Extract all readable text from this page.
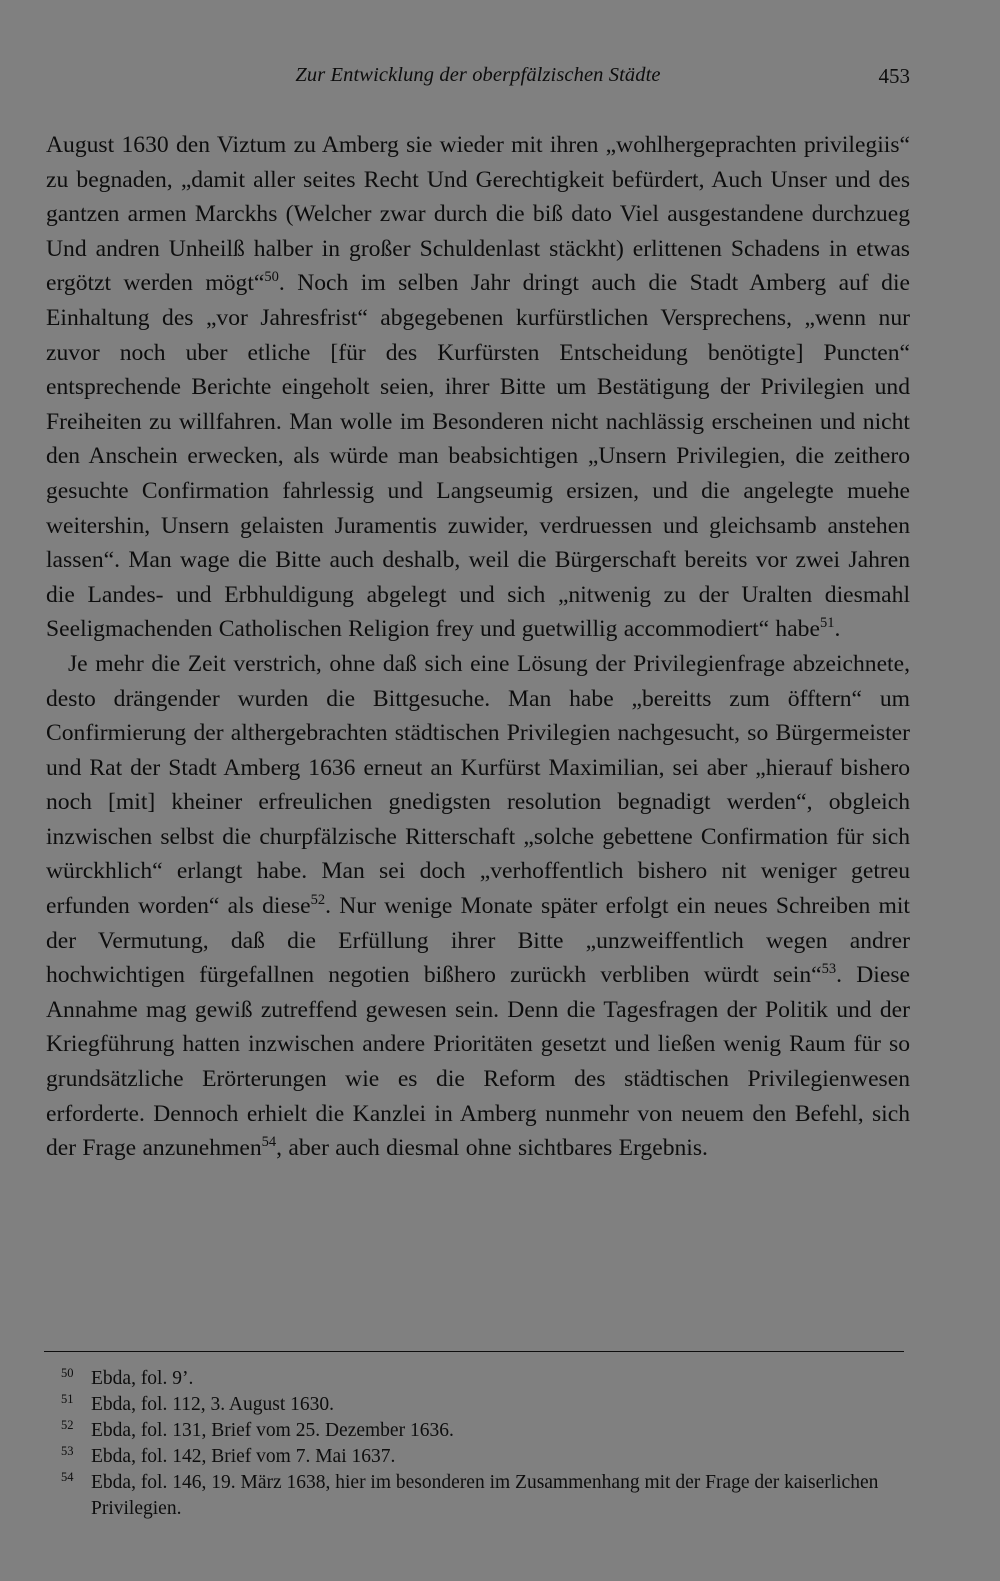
Zur Entwicklung der oberpfälzischen Städte	453

August 1630 den Viztum zu Amberg sie wieder mit ihren „wohlhergeprachten privilegiis“ zu begnaden, „damit aller seites Recht Und Gerechtigkeit befürdert, Auch Unser und des gantzen armen Marckhs (Welcher zwar durch die biß dato Viel ausgestandene durchzueg Und andren Unheilß halber in großer Schuldenlast stäckht) erlittenen Schadens in etwas ergötzt werden mögt“$^{50}$. Noch im selben Jahr dringt auch die Stadt Amberg auf die Einhaltung des „vor Jahresfrist“ abgegebenen kurfürstlichen Versprechens, „wenn nur zuvor noch uber etliche [für des Kurfürsten Entscheidung benötigte] Puncten“ entsprechende Berichte eingeholt seien, ihrer Bitte um Bestätigung der Privilegien und Freiheiten zu willfahren. Man wolle im Besonderen nicht nachlässig erscheinen und nicht den Anschein erwecken, als würde man beabsichtigen „Unsern Privilegien, die zeithero gesuchte Confirmation fahrlessig und Langseumig ersizen, und die angelegte muehe weitershin, Unsern gelaisten Juramentis zuwider, verdruessen und gleichsamb anstehen lassen“. Man wage die Bitte auch deshalb, weil die Bürgerschaft bereits vor zwei Jahren die Landes- und Erbhuldigung abgelegt und sich „nitwenig zu der Uralten diesmahl Seeligmachenden Catholischen Religion frey und guetwillig accommodiert“ habe$^{51}$.

Je mehr die Zeit verstrich, ohne daß sich eine Lösung der Privilegienfrage abzeichnete, desto drängender wurden die Bittgesuche. Man habe „bereitts zum öfftern“ um Confirmierung der althergebrachten städtischen Privilegien nachgesucht, so Bürgermeister und Rat der Stadt Amberg 1636 erneut an Kurfürst Maximilian, sei aber „hierauf bishero noch [mit] kheiner erfreulichen gnedigsten resolution begnadigt werden“, obgleich inzwischen selbst die churpfälzische Ritterschaft „solche gebettene Confirmation für sich würckhlich“ erlangt habe. Man sei doch „verhoffentlich bishero nit weniger getreu erfunden worden“ als diese$^{52}$. Nur wenige Monate später erfolgt ein neues Schreiben mit der Vermutung, daß die Erfüllung ihrer Bitte „unzweiffentlich wegen andrer hochwichtigen fürgefallnen negotien bißhero zurückh verbliben würdt sein“$^{53}$. Diese Annahme mag gewiß zutreffend gewesen sein. Denn die Tagesfragen der Politik und der Kriegführung hatten inzwischen andere Prioritäten gesetzt und ließen wenig Raum für so grundsätzliche Erörterungen wie es die Reform des städtischen Privilegienwesen erforderte. Dennoch erhielt die Kanzlei in Amberg nunmehr von neuem den Befehl, sich der Frage anzunehmen$^{54}$, aber auch diesmal ohne sichtbares Ergebnis.

50 Ebda, fol. 9’.

51 Ebda, fol. 112, 3. August 1630.

52 Ebda, fol. 131, Brief vom 25. Dezember 1636.

53 Ebda, fol. 142, Brief vom 7. Mai 1637.

54 Ebda, fol. 146, 19. März 1638, hier im besonderen im Zusammenhang mit der Frage der kaiserlichen Privilegien.
